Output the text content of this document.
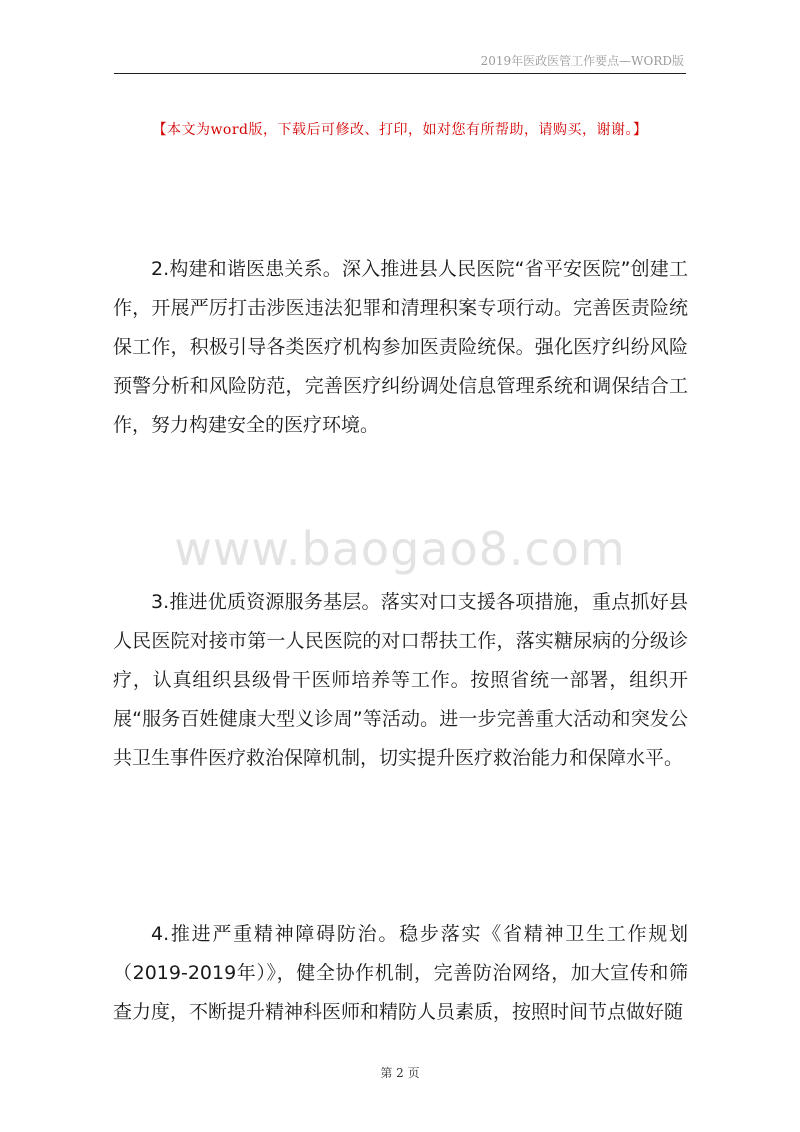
2019年医政医管工作要点—WORD版
【本文为word版，下载后可修改、打印，如对您有所帮助，请购买，谢谢。】
www.baogao8.com

2.构建和谐医患关系。深入推进县人民医院“省平安医院”创建工作，开展严厉打击涉医违法犯罪和清理积案专项行动。完善医责险统保工作，积极引导各类医疗机构参加医责险统保。强化医疗纠纷风险预警分析和风险防范，完善医疗纠纷调处信息管理系统和调保结合工作，努力构建安全的医疗环境。

3.推进优质资源服务基层。落实对口支援各项措施，重点抓好县人民医院对接市第一人民医院的对口帮扶工作，落实糖尿病的分级诊疗，认真组织县级骨干医师培养等工作。按照省统一部署，组织开展“服务百姓健康大型义诊周”等活动。进一步完善重大活动和突发公共卫生事件医疗救治保障机制，切实提升医疗救治能力和保障水平。

4.推进严重精神障碍防治。稳步落实《省精神卫生工作规划（2019-2019年）》，健全协作机制，完善防治网络，加大宣传和筛查力度，不断提升精神科医师和精防人员素质，按照时间节点做好随

第 2 页
